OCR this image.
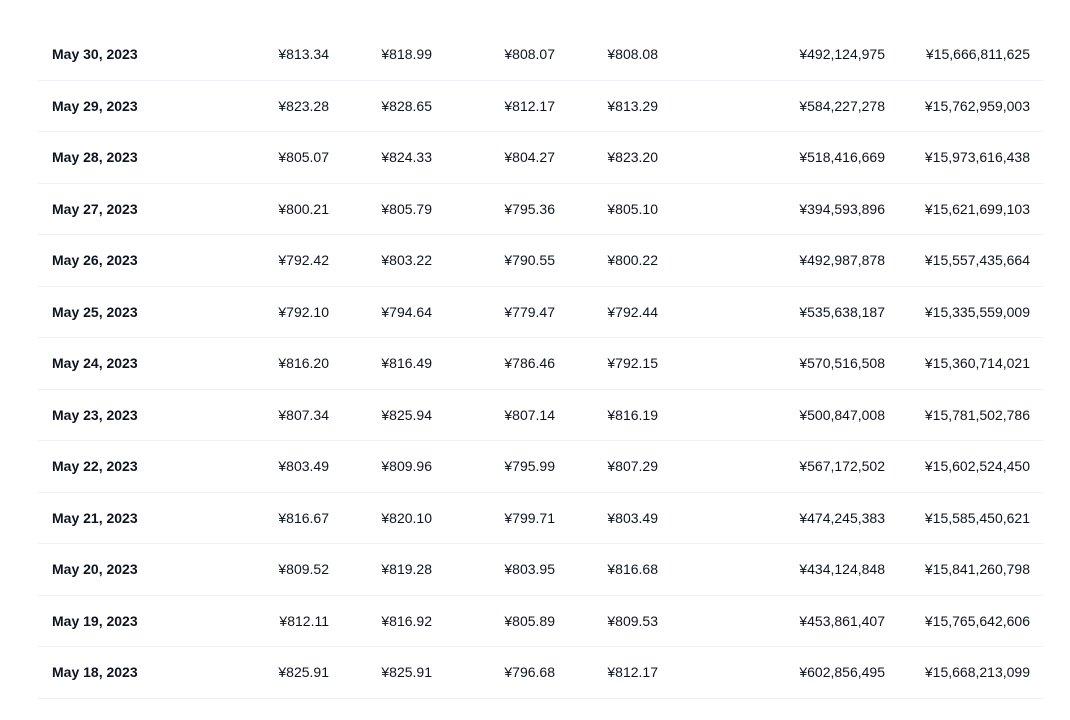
May 30, 2023	¥813.34	¥818.99	¥808.07	¥808.08	¥492,124,975	¥15,666,811,625
May 29, 2023	¥823.28	¥828.65	¥812.17	¥813.29	¥584,227,278	¥15,762,959,003
May 28, 2023	¥805.07	¥824.33	¥804.27	¥823.20	¥518,416,669	¥15,973,616,438
May 27, 2023	¥800.21	¥805.79	¥795.36	¥805.10	¥394,593,896	¥15,621,699,103
May 26, 2023	¥792.42	¥803.22	¥790.55	¥800.22	¥492,987,878	¥15,557,435,664
May 25, 2023	¥792.10	¥794.64	¥779.47	¥792.44	¥535,638,187	¥15,335,559,009
May 24, 2023	¥816.20	¥816.49	¥786.46	¥792.15	¥570,516,508	¥15,360,714,021
May 23, 2023	¥807.34	¥825.94	¥807.14	¥816.19	¥500,847,008	¥15,781,502,786
May 22, 2023	¥803.49	¥809.96	¥795.99	¥807.29	¥567,172,502	¥15,602,524,450
May 21, 2023	¥816.67	¥820.10	¥799.71	¥803.49	¥474,245,383	¥15,585,450,621
May 20, 2023	¥809.52	¥819.28	¥803.95	¥816.68	¥434,124,848	¥15,841,260,798
May 19, 2023	¥812.11	¥816.92	¥805.89	¥809.53	¥453,861,407	¥15,765,642,606
May 18, 2023	¥825.91	¥825.91	¥796.68	¥812.17	¥602,856,495	¥15,668,213,099
